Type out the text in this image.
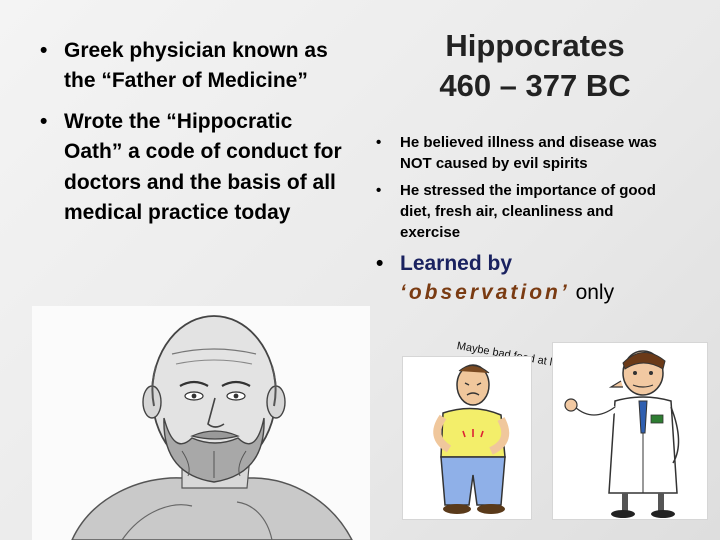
• Greek physician known as the “Father of Medicine”
• Wrote the “Hippocratic Oath” a code of conduct for doctors and the basis of all medical practice today
Hippocrates
460 – 377 BC
• He believed illness and disease was NOT caused by evil spirits
• He stressed the importance of good diet, fresh air, cleanliness and exercise
• Learned by
‘observation’ only
Maybe bad at
